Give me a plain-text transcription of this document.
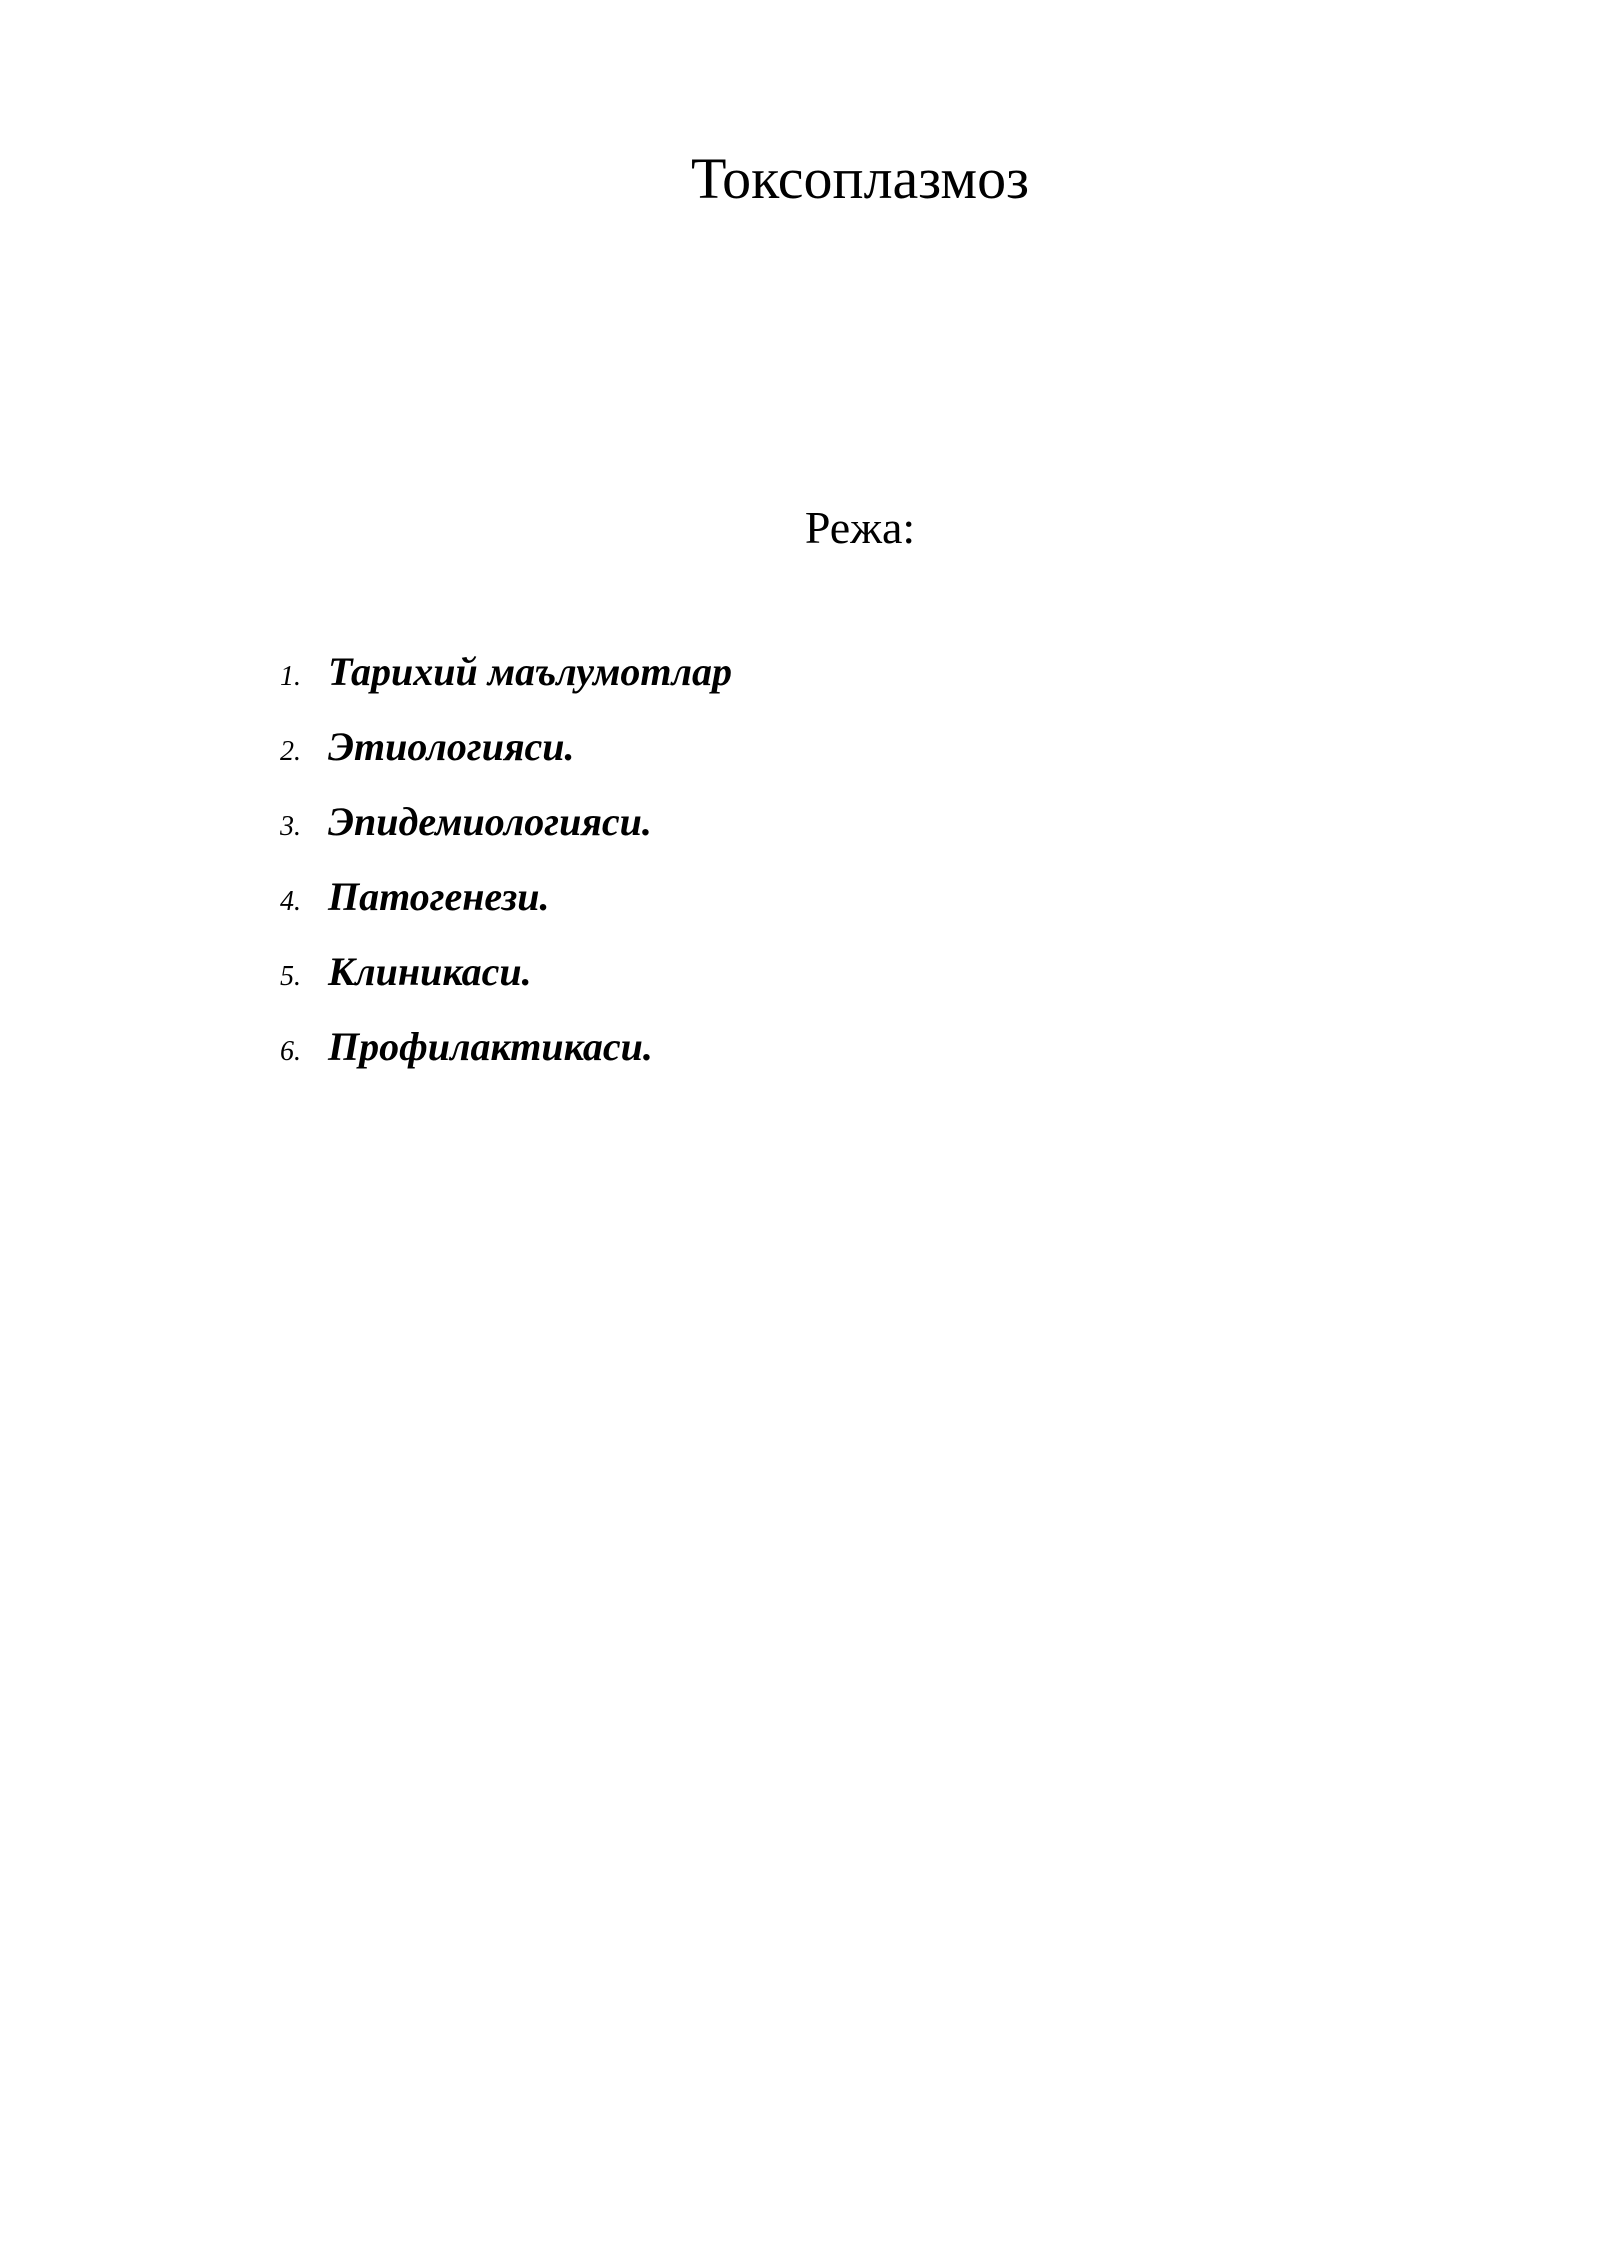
Токсоплазмоз
Режа:
1. Тарихий маълумотлар
2. Этиологияси.
3. Эпидемиологияси.
4. Патогенези.
5. Клиникаси.
6. Профилактикаси.
